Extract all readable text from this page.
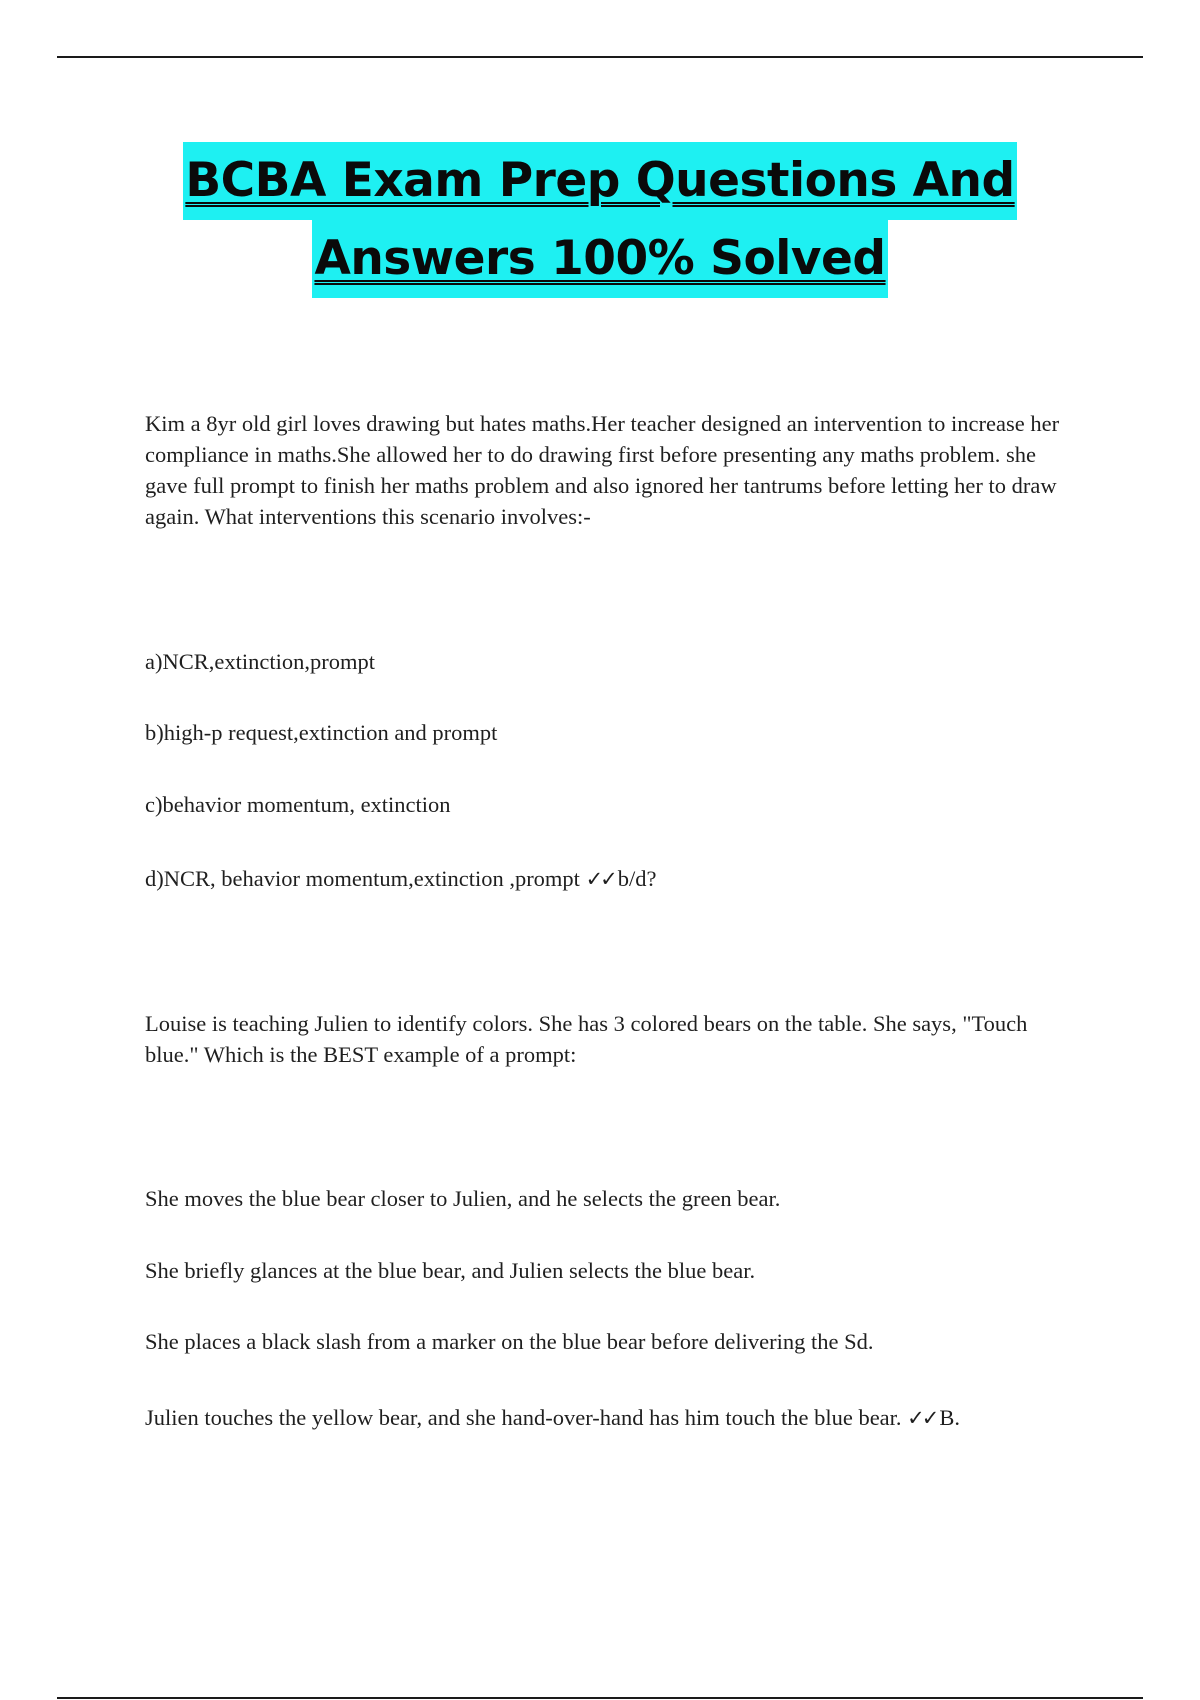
BCBA Exam Prep Questions And
Answers 100% Solved
Kim a 8yr old girl loves drawing but hates maths.Her teacher designed an intervention to increase her compliance in maths.She allowed her to do drawing first before presenting any maths problem. she gave full prompt to finish her maths problem and also ignored her tantrums before letting her to draw again. What interventions this scenario involves:-
a)NCR,extinction,prompt
b)high-p request,extinction and prompt
c)behavior momentum, extinction
d)NCR, behavior momentum,extinction ,prompt ✓✓ b/d?
Louise is teaching Julien to identify colors. She has 3 colored bears on the table. She says, "Touch blue." Which is the BEST example of a prompt:
She moves the blue bear closer to Julien, and he selects the green bear.
She briefly glances at the blue bear, and Julien selects the blue bear.
She places a black slash from a marker on the blue bear before delivering the Sd.
Julien touches the yellow bear, and she hand-over-hand has him touch the blue bear. ✓✓ B.
